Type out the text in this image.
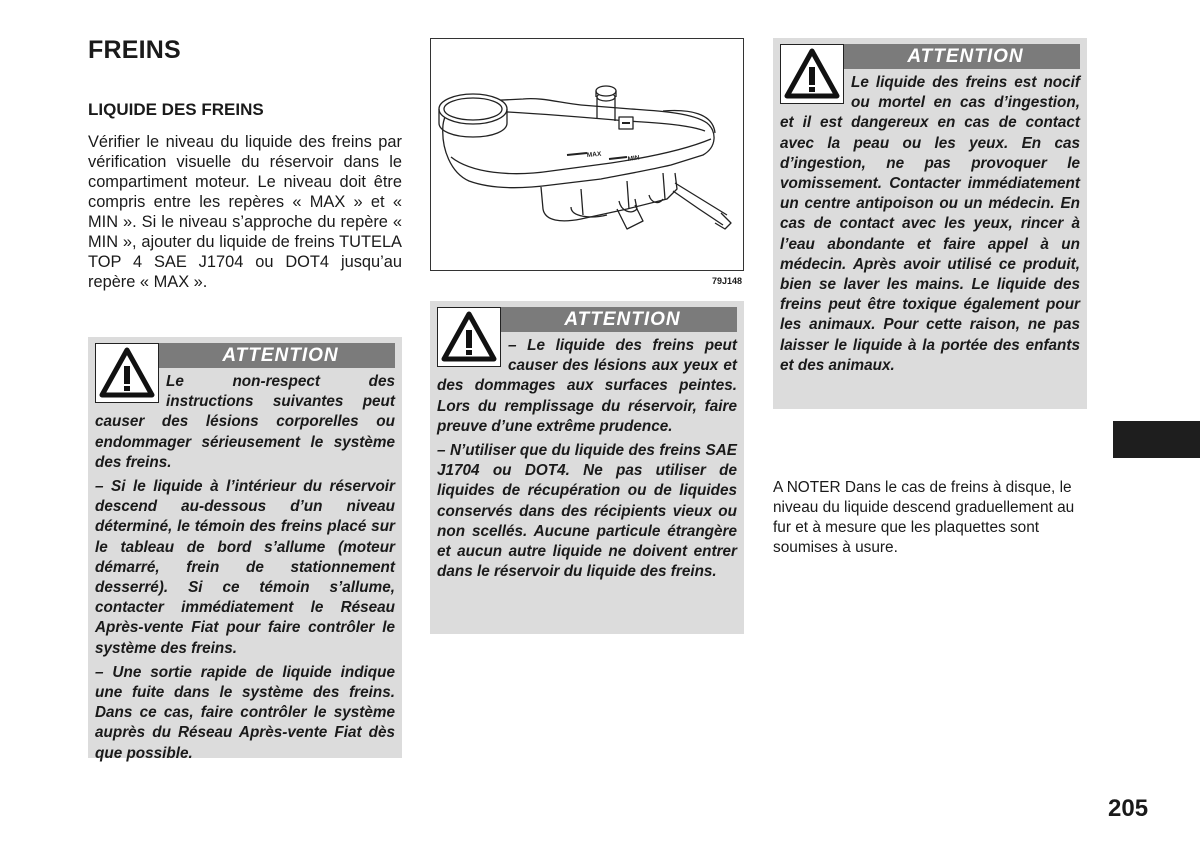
FREINS
LIQUIDE DES FREINS

Vérifier le niveau du liquide des freins par vérification visuelle du réservoir dans le compartiment moteur. Le niveau doit être compris entre les repères « MAX » et « MIN ». Si le niveau s’approche du repère « MIN », ajouter du liquide de freins TUTELA TOP 4 SAE J1704 ou DOT4 jusqu’au repère « MAX ».

MAX	MIN

79J148

ATTENTION

Le non-respect des instructions suivantes peut causer des lésions corporelles ou endommager sérieusement le système des freins.

– Si le liquide à l’intérieur du réservoir descend au-dessous d’un niveau déterminé, le témoin des freins placé sur le tableau de bord s’allume (moteur démarré, frein de stationnement desserré). Si ce témoin s’allume, contacter immédiatement le Réseau Après-vente Fiat pour faire contrôler le système des freins.

– Une sortie rapide de liquide indique une fuite dans le système des freins. Dans ce cas, faire contrôler le système auprès du Réseau Après-vente Fiat dès que possible.

ATTENTION

– Le liquide des freins peut causer des lésions aux yeux et des dommages aux surfaces peintes. Lors du remplissage du réservoir, faire preuve d’une extrême prudence.

– N’utiliser que du liquide des freins SAE J1704 ou DOT4. Ne pas utiliser de liquides de récupération ou de liquides conservés dans des récipients vieux ou non scellés. Aucune particule étrangère et aucun autre liquide ne doivent entrer dans le réservoir du liquide des freins.

ATTENTION

Le liquide des freins est nocif ou mortel en cas d’ingestion, et il est dangereux en cas de contact avec la peau ou les yeux. En cas d’ingestion, ne pas provoquer le vomissement. Contacter immédiatement un centre antipoison ou un médecin. En cas de contact avec les yeux, rincer à l’eau abondante et faire appel à un médecin. Après avoir utilisé ce produit, bien se laver les mains. Le liquide des freins peut être toxique également pour les animaux. Pour cette raison, ne pas laisser le liquide à la portée des enfants et des animaux.

A NOTER Dans le cas de freins à disque, le niveau du liquide descend graduellement au fur et à mesure que les plaquettes sont soumises à usure.

205
